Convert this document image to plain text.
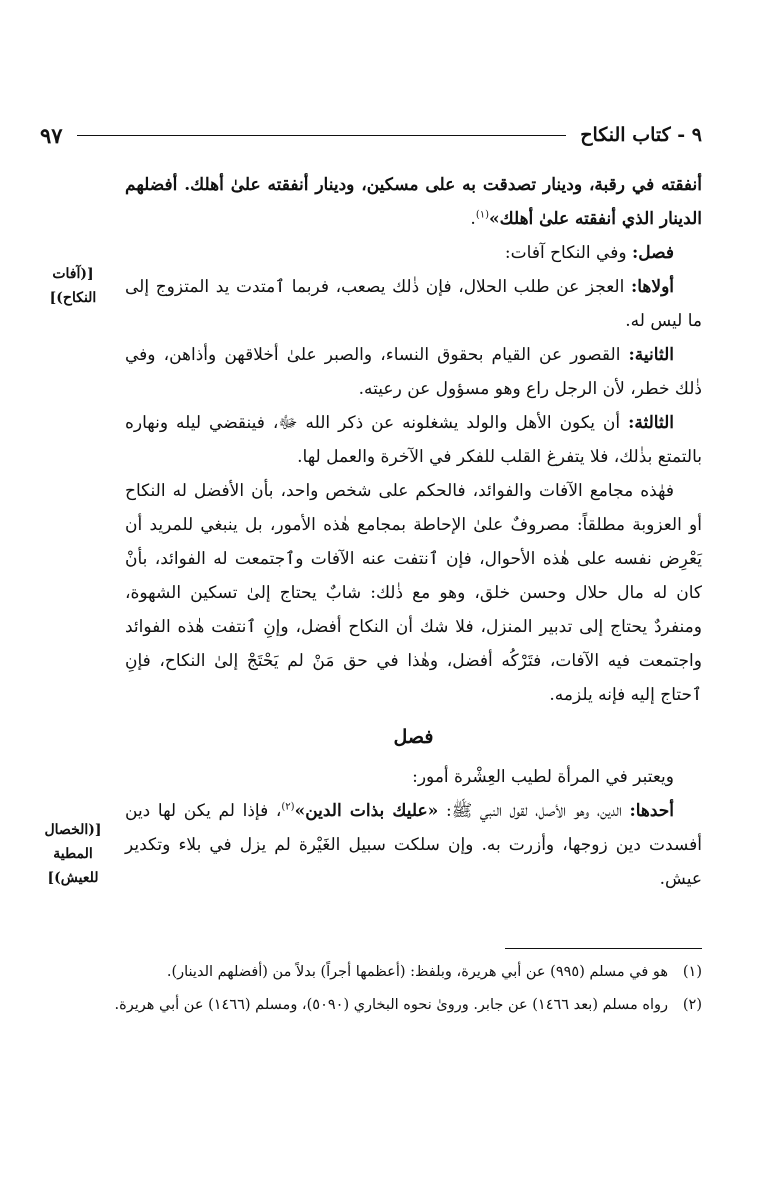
٩ - كتاب النكاح
٩٧

أنفقته في رقبة، ودينار تصدقت به على مسكين، ودينار أنفقته علىٰ أهلك. أفضلهم الدينار الذي أنفقته علىٰ أهلك»$^{(١)}$.

فصل: وفي النكاح آفات:

أولاها: العجز عن طلب الحلال، فإن ذٰلك يصعب، فربما ٱمتدت يد المتزوج إلى ما ليس له.

الثانية: القصور عن القيام بحقوق النساء، والصبر علىٰ أخلاقهن وأذاهن، وفي ذٰلك خطر، لأن الرجل راع وهو مسؤول عن رعيته.

الثالثة: أن يكون الأهل والولد يشغلونه عن ذكر الله ﷻ، فينقضي ليله ونهاره بالتمتع بذٰلك، فلا يتفرغ القلب للفكر في الآخرة والعمل لها.

فهٰذه مجامع الآفات والفوائد، فالحكم على شخص واحد، بأن الأفضل له النكاح أو العزوبة مطلقاً: مصروفٌ علىٰ الإحاطة بمجامع هٰذه الأمور، بل ينبغي للمريد أن يَعْرِض نفسه على هٰذه الأحوال، فإن ٱنتفت عنه الآفات وٱجتمعت له الفوائد، بأنْ كان له مال حلال وحسن خلق، وهو مع ذٰلك: شابٌ يحتاج إلىٰ تسكين الشهوة، ومنفردٌ يحتاج إلى تدبير المنزل، فلا شك أن النكاح أفضل، وإنِ ٱنتفت هٰذه الفوائد واجتمعت فيه الآفات، فتَرْكُه أفضل، وهٰذا في حق مَنْ لم يَحْتَجْ إلىٰ النكاح، فإنِ ٱحتاج إليه فإنه يلزمه.

فصل

ويعتبر في المرأة لطيب العِشْرة أمور:

أحدها: الدين، وهو الأصل، لقول النبي ﷺ: «عليك بذات الدين»$^{(٢)}$، فإذا لم يكن لها دين أفسدت دين زوجها، وأزرت به. وإن سلكت سبيل الغَيْرة لم يزل في بلاء وتكدير عيش.

[(آفات
النكاح)]
[(الخصال
المطية
للعيش)]

(١)
هو في مسلم (٩٩٥) عن أبي هريرة، وبلفظ: (أعظمها أجراً) بدلاً من (أفضلهم الدينار).

(٢)
رواه مسلم (بعد ١٤٦٦) عن جابر. وروىٰ نحوه البخاري (٥٠٩٠)، ومسلم (١٤٦٦) عن أبي هريرة.
